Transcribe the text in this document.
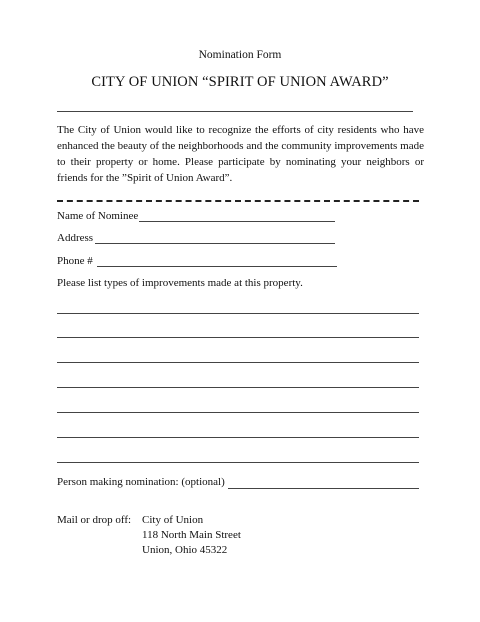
Nomination Form
CITY OF UNION “SPIRIT OF UNION AWARD”
The City of Union would like to recognize the efforts of city residents who have enhanced the beauty of the neighborhoods and the community improvements made to their property or home. Please participate by nominating your neighbors or friends for the ”Spirit of Union Award”.
Name of Nominee
Address
Phone #
Please list types of improvements made at this property.
Person making nomination: (optional)
Mail or drop off: City of Union
118 North Main Street
Union, Ohio 45322
